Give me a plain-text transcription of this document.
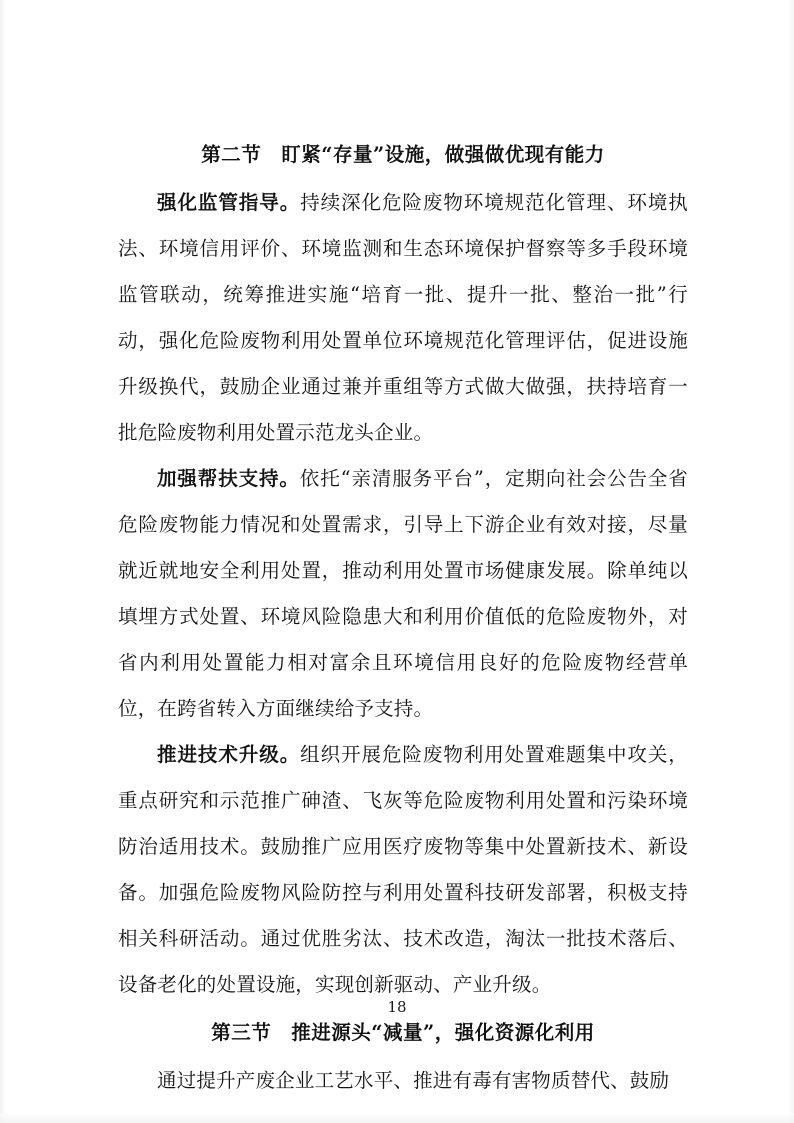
第二节　盯紧“存量”设施，做强做优现有能力

强化监管指导。持续深化危险废物环境规范化管理、环境执法、环境信用评价、环境监测和生态环境保护督察等多手段环境监管联动，统筹推进实施“培育一批、提升一批、整治一批”行动，强化危险废物利用处置单位环境规范化管理评估，促进设施升级换代，鼓励企业通过兼并重组等方式做大做强，扶持培育一批危险废物利用处置示范龙头企业。

加强帮扶支持。依托“亲清服务平台”，定期向社会公告全省危险废物能力情况和处置需求，引导上下游企业有效对接，尽量就近就地安全利用处置，推动利用处置市场健康发展。除单纯以填埋方式处置、环境风险隐患大和利用价值低的危险废物外，对省内利用处置能力相对富余且环境信用良好的危险废物经营单位，在跨省转入方面继续给予支持。

推进技术升级。组织开展危险废物利用处置难题集中攻关，重点研究和示范推广砷渣、飞灰等危险废物利用处置和污染环境防治适用技术。鼓励推广应用医疗废物等集中处置新技术、新设备。加强危险废物风险防控与利用处置科技研发部署，积极支持相关科研活动。通过优胜劣汰、技术改造，淘汰一批技术落后、设备老化的处置设施，实现创新驱动、产业升级。

第三节　推进源头“减量”，强化资源化利用

通过提升产废企业工艺水平、推进有毒有害物质替代、鼓励

18
